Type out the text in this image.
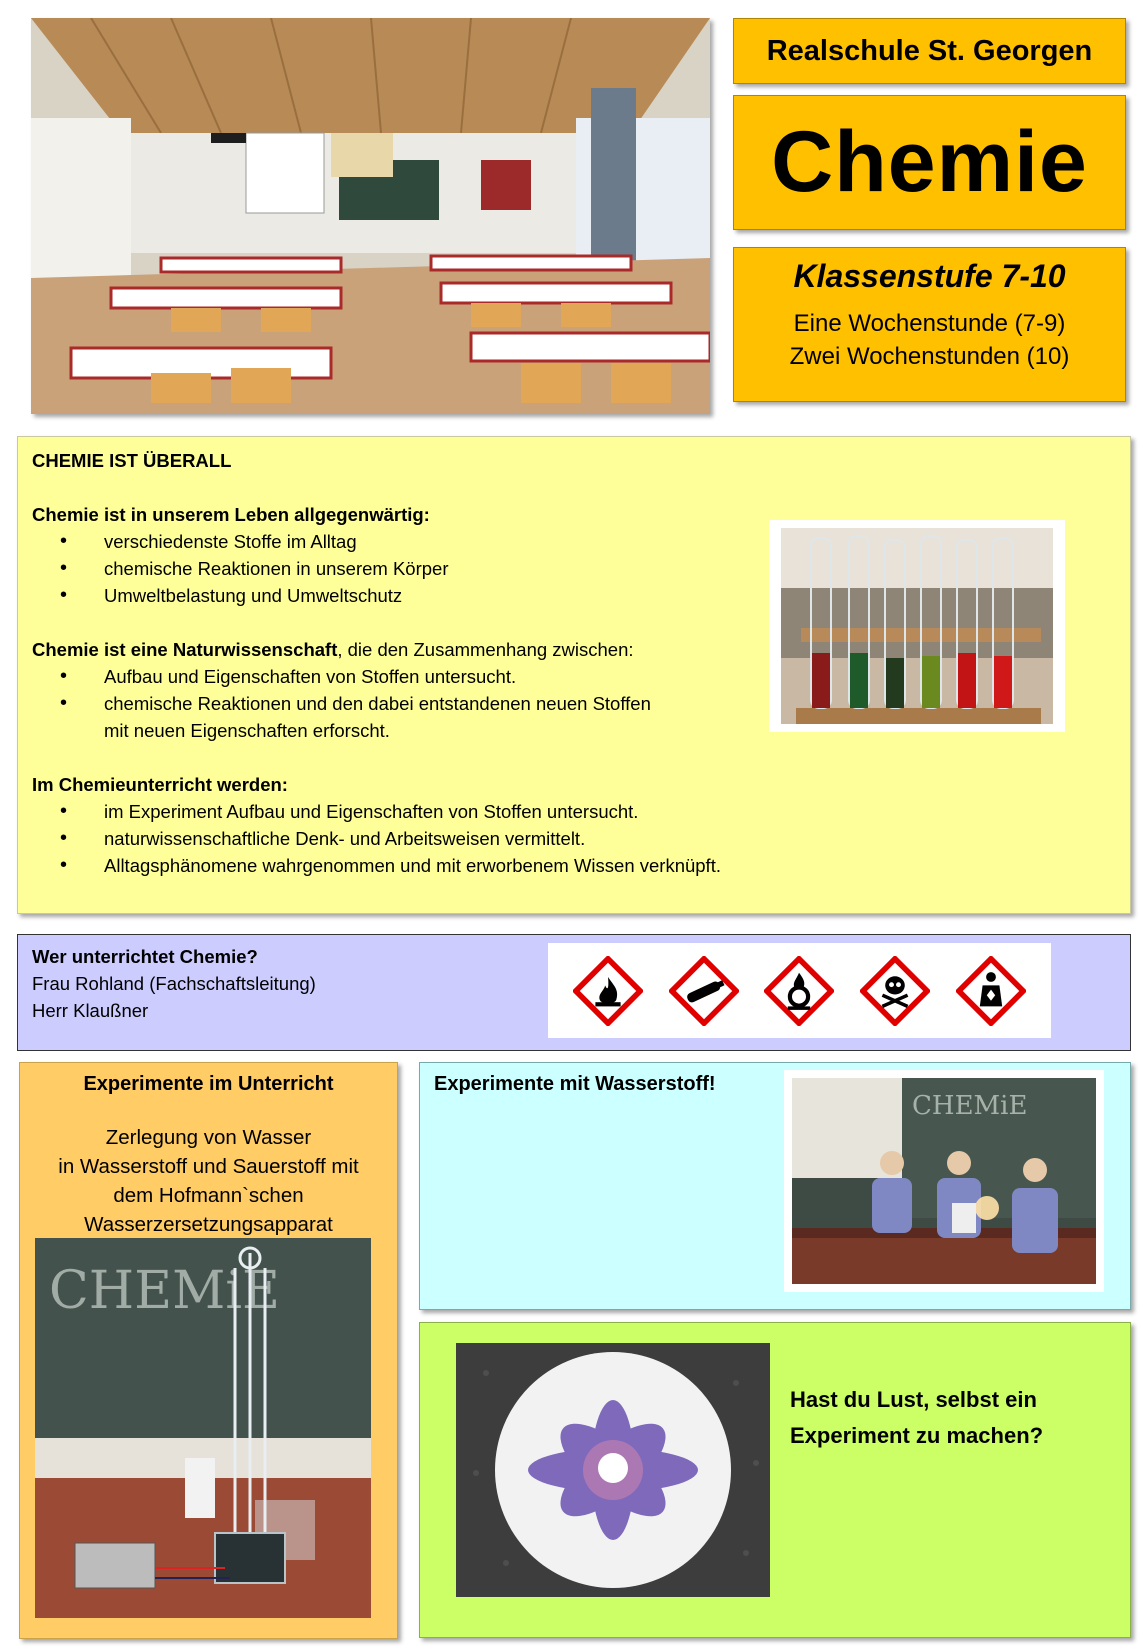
Realschule St. Georgen
Chemie
Klassenstufe 7-10
Eine Wochenstunde (7-9)
Zwei Wochenstunden (10)
CHEMIE IST ÜBERALL
Chemie ist in unserem Leben allgegenwärtig:
• verschiedenste Stoffe im Alltag
• chemische Reaktionen in unserem Körper
• Umweltbelastung und Umweltschutz

Chemie ist eine Naturwissenschaft, die den Zusammenhang zwischen:

• Aufbau und Eigenschaften von Stoffen untersucht.
• chemische Reaktionen und den dabei entstandenen neuen Stoffen

mit neuen Eigenschaften erforscht.

Im Chemieunterricht werden:
• im Experiment Aufbau und Eigenschaften von Stoffen untersucht.
• naturwissenschaftliche Denk- und Arbeitsweisen vermittelt.
• Alltagsphänomene wahrgenommen und mit erworbenem Wissen verknüpft.
Wer unterrichtet Chemie?
Frau Rohland (Fachschaftsleitung)
Herr Klaußner
Experimente im Unterricht
Zerlegung von Wasser
in Wasserstoff und Sauerstoff mit
dem Hofmann`schen
Wasserzersetzungsapparat
CHEMiE
Experimente mit Wasserstoff!
CHEMiE
Hast du Lust, selbst ein
Experiment zu machen?
